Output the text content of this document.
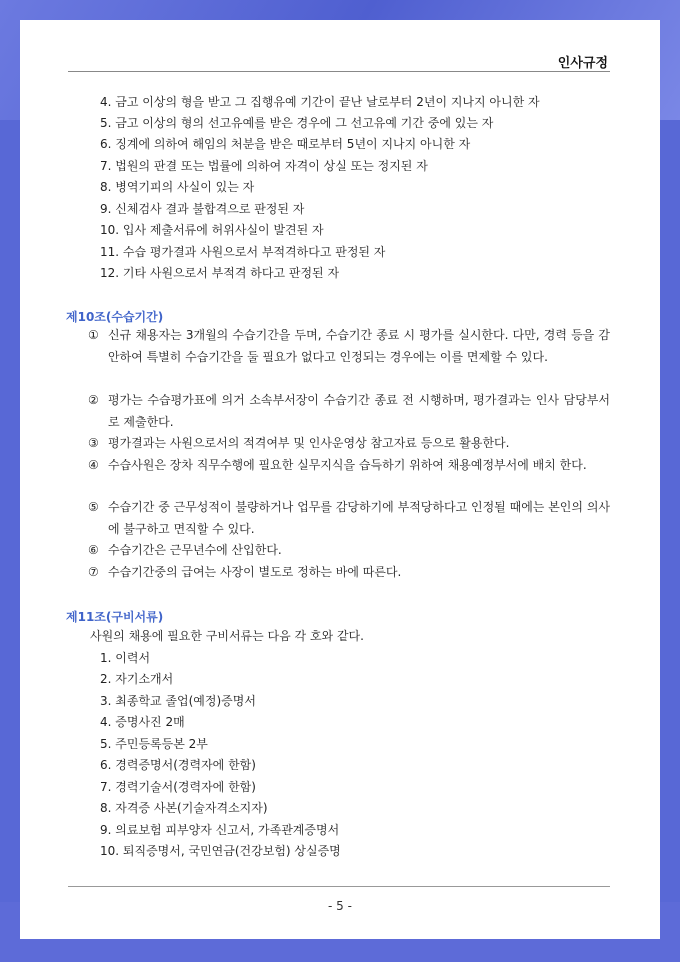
인사규정
4. 금고 이상의 형을 받고 그 집행유예 기간이 끝난 날로부터 2년이 지나지 아니한 자
5. 금고 이상의 형의 선고유예를 받은 경우에 그 선고유예 기간 중에 있는 자
6. 징계에 의하여 해임의 처분을 받은 때로부터 5년이 지나지 아니한 자
7. 법원의 판결 또는 법률에 의하여 자격이 상실 또는 정지된 자
8. 병역기피의 사실이 있는 자
9. 신체검사 결과 불합격으로 판정된 자
10. 입사 제출서류에 허위사실이 발견된 자
11. 수습 평가결과 사원으로서 부적격하다고 판정된 자
12. 기타 사원으로서 부적격 하다고 판정된 자
제10조(수습기간)
① 신규 채용자는 3개월의 수습기간을 두며, 수습기간 종료 시 평가를 실시한다. 다만, 경력 등을 감안하여 특별히 수습기간을 둘 필요가 없다고 인정되는 경우에는 이를 면제할 수 있다.
② 평가는 수습평가표에 의거 소속부서장이 수습기간 종료 전 시행하며, 평가결과는 인사 담당부서로 제출한다.
③ 평가결과는 사원으로서의 적격여부 및 인사운영상 참고자료 등으로 활용한다.
④ 수습사원은 장차 직무수행에 필요한 실무지식을 습득하기 위하여 채용예정부서에 배치 한다.
⑤ 수습기간 중 근무성적이 불량하거나 업무를 감당하기에 부적당하다고 인정될 때에는 본인의 의사에 불구하고 면직할 수 있다.
⑥ 수습기간은 근무년수에 산입한다.
⑦ 수습기간중의 급여는 사장이 별도로 정하는 바에 따른다.
제11조(구비서류)
사원의 채용에 필요한 구비서류는 다음 각 호와 같다.
1. 이력서
2. 자기소개서
3. 최종학교 졸업(예정)증명서
4. 증명사진 2매
5. 주민등록등본 2부
6. 경력증명서(경력자에 한함)
7. 경력기술서(경력자에 한함)
8. 자격증 사본(기술자격소지자)
9. 의료보험 피부양자 신고서, 가족관계증명서
10. 퇴직증명서, 국민연금(건강보험) 상실증명
- 5 -
